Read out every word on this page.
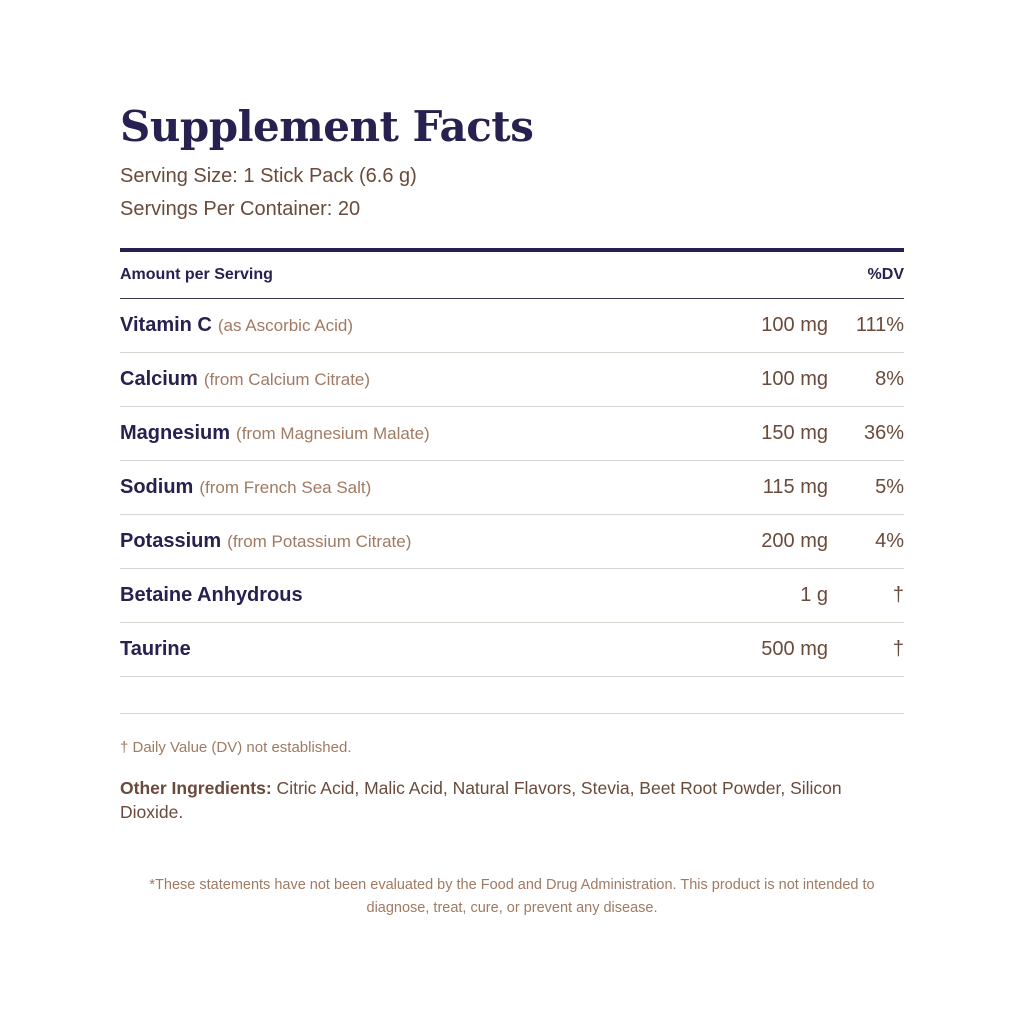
Supplement Facts
Serving Size: 1 Stick Pack (6.6 g)
Servings Per Container: 20
Amount per Serving	%DV
Vitamin C (as Ascorbic Acid)	100 mg	111%
Calcium (from Calcium Citrate)	100 mg	8%
Magnesium (from Magnesium Malate)	150 mg	36%
Sodium (from French Sea Salt)	115 mg	5%
Potassium (from Potassium Citrate)	200 mg	4%
Betaine Anhydrous	1 g	†
Taurine	500 mg	†
† Daily Value (DV) not established.
Other Ingredients: Citric Acid, Malic Acid, Natural Flavors, Stevia, Beet Root Powder, Silicon Dioxide.
*These statements have not been evaluated by the Food and Drug Administration. This product is not intended to diagnose, treat, cure, or prevent any disease.
